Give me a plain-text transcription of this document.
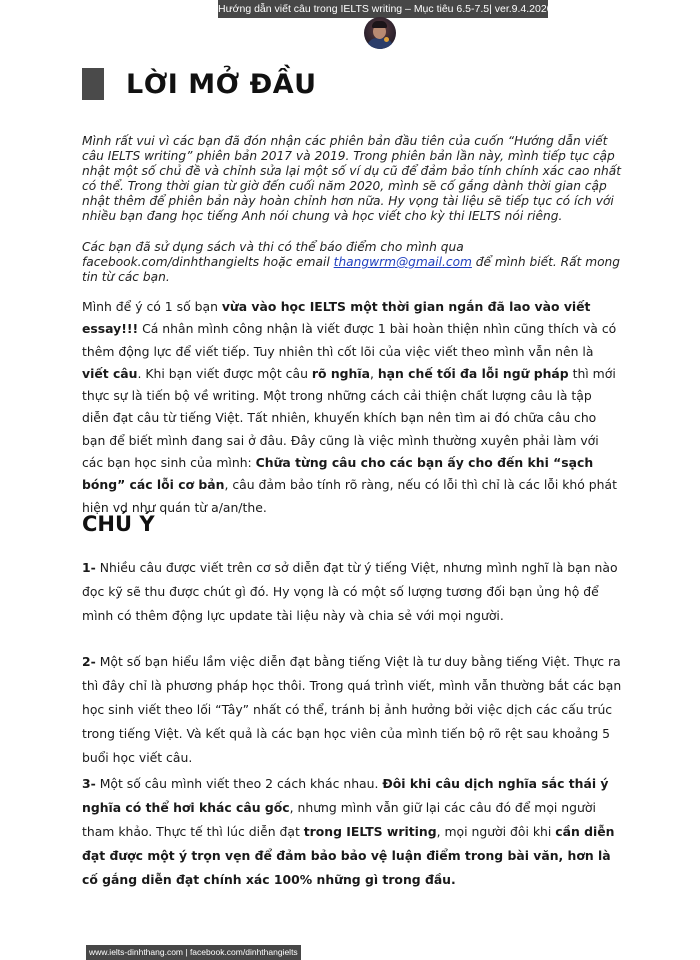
Hướng dẫn viết câu trong IELTS writing – Mục tiêu 6.5-7.5| ver.9.4.2020 |
LỜI MỞ ĐẦU

Mình rất vui vì các bạn đã đón nhận các phiên bản đầu tiên của cuốn “Hướng dẫn viết câu IELTS writing” phiên bản 2017 và 2019. Trong phiên bản lần này, mình tiếp tục cập nhật một số chủ đề và chỉnh sửa lại một số ví dụ cũ để đảm bảo tính chính xác cao nhất có thể. Trong thời gian từ giờ đến cuối năm 2020, mình sẽ cố gắng dành thời gian cập nhật thêm để phiên bản này hoàn chỉnh hơn nữa. Hy vọng tài liệu sẽ tiếp tục có ích với nhiều bạn đang học tiếng Anh nói chung và học viết cho kỳ thi IELTS nói riêng.

Các bạn đã sử dụng sách và thi có thể báo điểm cho mình qua facebook.com/dinhthangielts hoặc email thangwrm@gmail.com để mình biết. Rất mong tin từ các bạn.

Mình để ý có 1 số bạn vừa vào học IELTS một thời gian ngắn đã lao vào viết essay!!! Cá nhân mình công nhận là viết được 1 bài hoàn thiện nhìn cũng thích và có thêm động lực để viết tiếp. Tuy nhiên thì cốt lõi của việc viết theo mình vẫn nên là viết câu. Khi bạn viết được một câu rõ nghĩa, hạn chế tối đa lỗi ngữ pháp thì mới thực sự là tiến bộ về writing. Một trong những cách cải thiện chất lượng câu là tập diễn đạt câu từ tiếng Việt. Tất nhiên, khuyến khích bạn nên tìm ai đó chữa câu cho bạn để biết mình đang sai ở đâu. Đây cũng là việc mình thường xuyên phải làm với các bạn học sinh của mình: Chữa từng câu cho các bạn ấy cho đến khi “sạch bóng” các lỗi cơ bản, câu đảm bảo tính rõ ràng, nếu có lỗi thì chỉ là các lỗi khó phát hiện vd như quán từ a/an/the.

CHÚ Ý

1- Nhiều câu được viết trên cơ sở diễn đạt từ ý tiếng Việt, nhưng mình nghĩ là bạn nào đọc kỹ sẽ thu được chút gì đó. Hy vọng là có một số lượng tương đối bạn ủng hộ để mình có thêm động lực update tài liệu này và chia sẻ với mọi người.

2- Một số bạn hiểu lầm việc diễn đạt bằng tiếng Việt là tư duy bằng tiếng Việt. Thực ra thì đây chỉ là phương pháp học thôi. Trong quá trình viết, mình vẫn thường bắt các bạn học sinh viết theo lối “Tây” nhất có thể, tránh bị ảnh hưởng bởi việc dịch các cấu trúc trong tiếng Việt. Và kết quả là các bạn học viên của mình tiến bộ rõ rệt sau khoảng 5 buổi học viết câu.

3- Một số câu mình viết theo 2 cách khác nhau. Đôi khi câu dịch nghĩa sắc thái ý nghĩa có thể hơi khác câu gốc, nhưng mình vẫn giữ lại các câu đó để mọi người tham khảo. Thực tế thì lúc diễn đạt trong IELTS writing, mọi người đôi khi cần diễn đạt được một ý trọn vẹn để đảm bảo bảo vệ luận điểm trong bài văn, hơn là cố gắng diễn đạt chính xác 100% những gì trong đầu.

www.ielts-dinhthang.com | facebook.com/dinhthangielts
